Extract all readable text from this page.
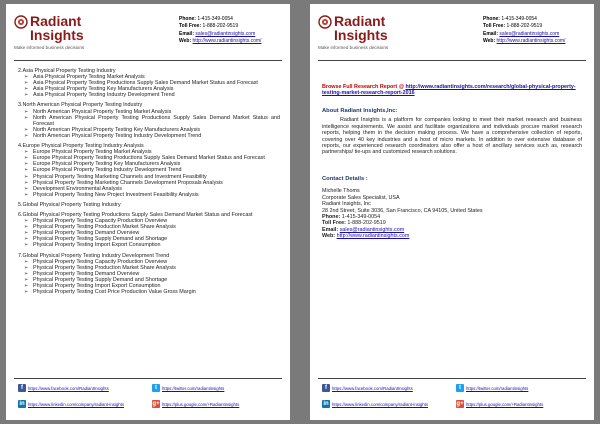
Radiant
Insights
Make informed business decisions
Phone: 1-415-349-0054
Toll Free: 1-888-202-9519
Email: sales@radiantinsights.com
Web: http://www.radiantinsights.com/
2.Asia Physical Property Testing Industry
➢ Asia Physical Property Testing Market Analysis
➢ Asia Physical Property Testing Productions Supply Sales Demand Market Status and Forecast
➢ Asia Physical Property Testing Key Manufacturers Analysis
➢ Asia Physical Property Testing Industry Development Trend
3.North American Physical Property Testing Industry
➢ North American Physical Property Testing Market Analysis
➢ North American Physical Property Testing Productions Supply Sales Demand Market Status and Forecast
➢ North American Physical Property Testing Key Manufacturers Analysis
➢ North American Physical Property Testing Industry Development Trend
4.Europe Physical Property Testing Industry Analysis
➢ Europe Physical Property Testing Market Analysis
➢ Europe Physical Property Testing Productions Supply Sales Demand Market Status and Forecast
➢ Europe Physical Property Testing Key Manufacturers Analysis
➢ Europe Physical Property Testing Industry Development Trend
➢ Physical Property Testing Marketing Channels and Investment Feasibility
➢ Physical Property Testing Marketing Channels Development Proposals Analysis
➢ Development Environmental Analysis
➢ Physical Property Testing New Project Investment Feasibility Analysis
5.Global Physical Property Testing Industry
6.Global Physical Property Testing Productions Supply Sales Demand Market Status and Forecast
➢ Physical Property Testing Capacity Production Overview
➢ Physical Property Testing Production Market Share Analysis
➢ Physical Property Testing Demand Overview
➢ Physical Property Testing Supply Demand and Shortage
➢ Physical Property Testing Import Export Consumption
7.Global Physical Property Testing Industry Development Trend
➢ Physical Property Testing Capacity Production Overview
➢ Physical Property Testing Production Market Share Analysis
➢ Physical Property Testing Demand Overview
➢ Physical Property Testing Supply Demand and Shortage
➢ Physical Property Testing Import Export Consumption
➢ Physical Property Testing Cost Price Production Value Gross Margin
f	https://www.facebook.com/RadiantInsights	t	https://twitter.com/radiantinsights
in https://www.linkedin.com/company/radiant-insights	g+ https://plus.google.com/+Radiantinsights
Radiant
Insights
Make informed business decisions
Phone: 1-415-349-0054
Toll Free: 1-888-202-9519
Email: sales@radiantinsights.com
Web: http://www.radiantinsights.com/
Browse Full Research Report @ http://www.radiantinsights.com/research/global-physical-property-testing-market-research-report-2016
About Radiant Insights,Inc:
Radiant Insights is a platform for companies looking to meet their market research and business intelligence requirements. We assist and facilitate organizations and individuals procure market research reports, helping them in the decision making process. We have a comprehensive collection of reports, covering over 40 key industries and a host of micro markets. In addition to over extensive database of reports, our experienced research coordinators also offer a host of ancillary services such as, research partnerships/ tie-ups and customized research solutions.
Contact Details :
Michelle Thoms
Corporate Sales Specialist, USA
Radiant Insights, Inc
28 2nd Street, Suite 3036, San Francisco, CA 94105, United States
Phone: 1-415-349-0054
Toll Free: 1-888-202-9519
Email: sales@radiantinsights.com
Web: http://www.radiantinsights.com
f	https://www.facebook.com/RadiantInsights	t	https://twitter.com/radiantinsights
in https://www.linkedin.com/company/radiant-insights	g+ https://plus.google.com/+Radiantinsights
